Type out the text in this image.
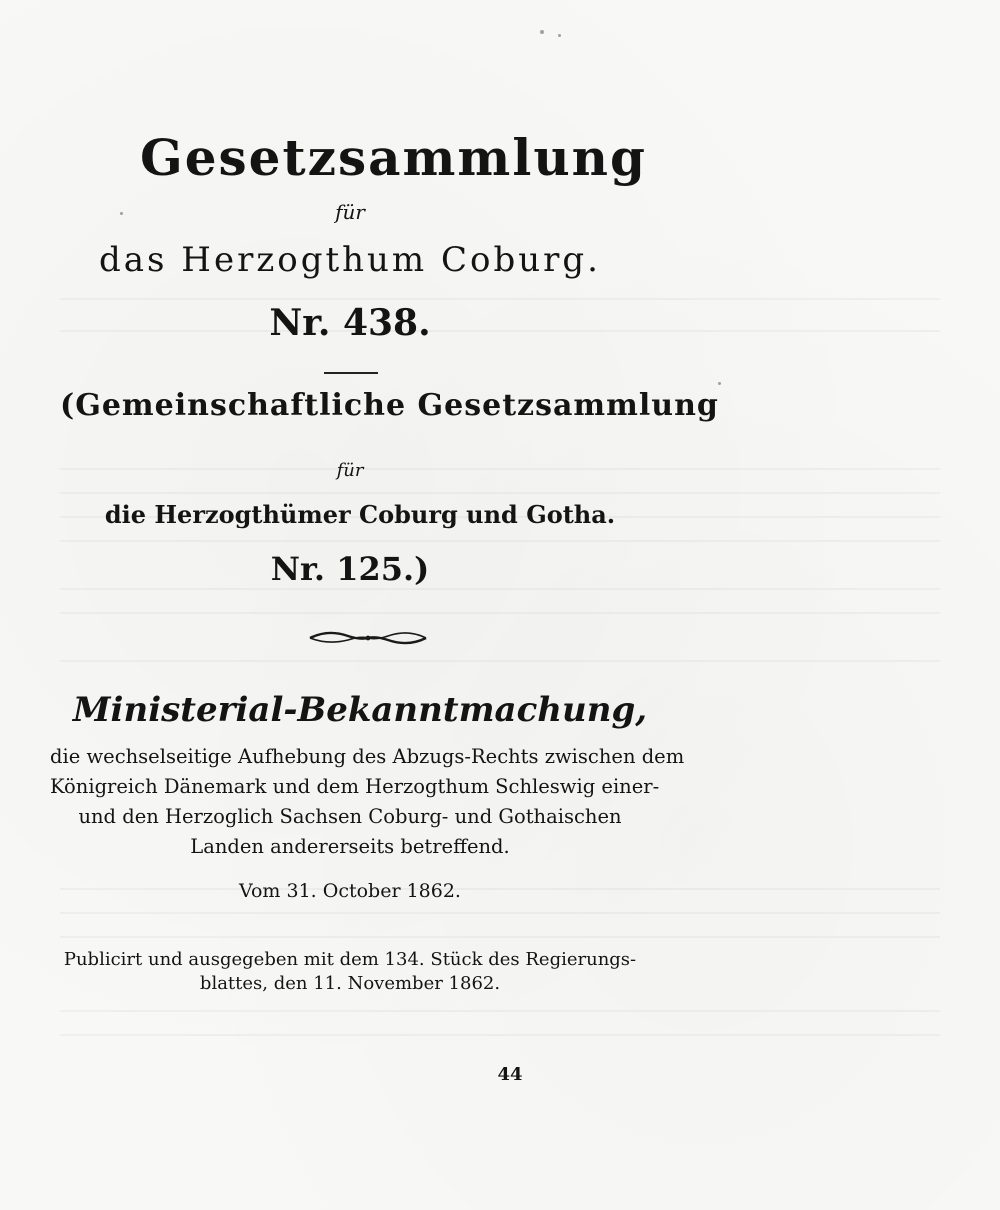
Gesetzsammlung
für
das Herzogthum Coburg.
Nr. 438.
(Gemeinschaftliche Gesetzsammlung
für
die Herzogthümer Coburg und Gotha.
Nr. 125.)
Ministerial-Bekanntmachung,
die wechselseitige Aufhebung des Abzugs-Rechts zwischen dem
Königreich Dänemark und dem Herzogthum Schleswig einer-
und den Herzoglich Sachsen Coburg- und Gothaischen
Landen andererseits betreffend.
Vom 31. October 1862.
Publicirt und ausgegeben mit dem 134. Stück des Regierungs-
blattes, den 11. November 1862.
44
